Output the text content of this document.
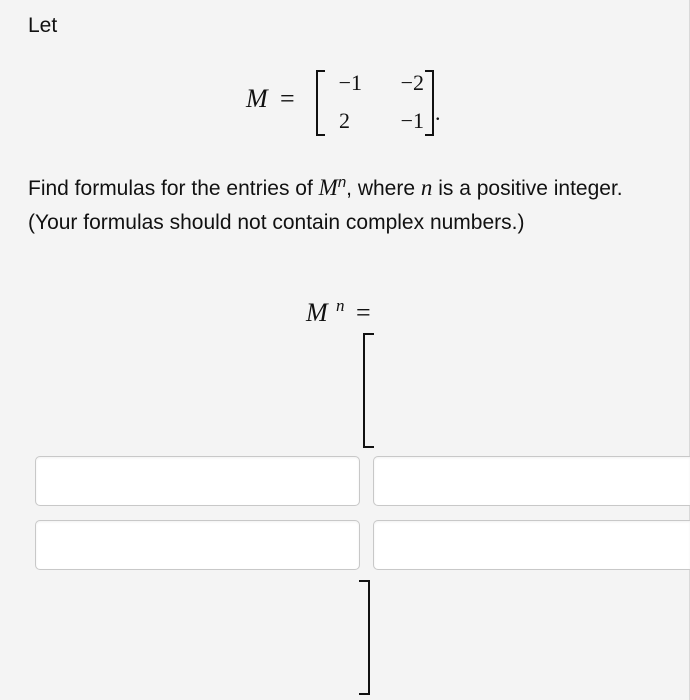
Let
M =
−1	−2
2	−1 .
M n =
Find formulas for the entries of $M^n$, where n is a positive integer. (Your formulas should not contain complex numbers.)
